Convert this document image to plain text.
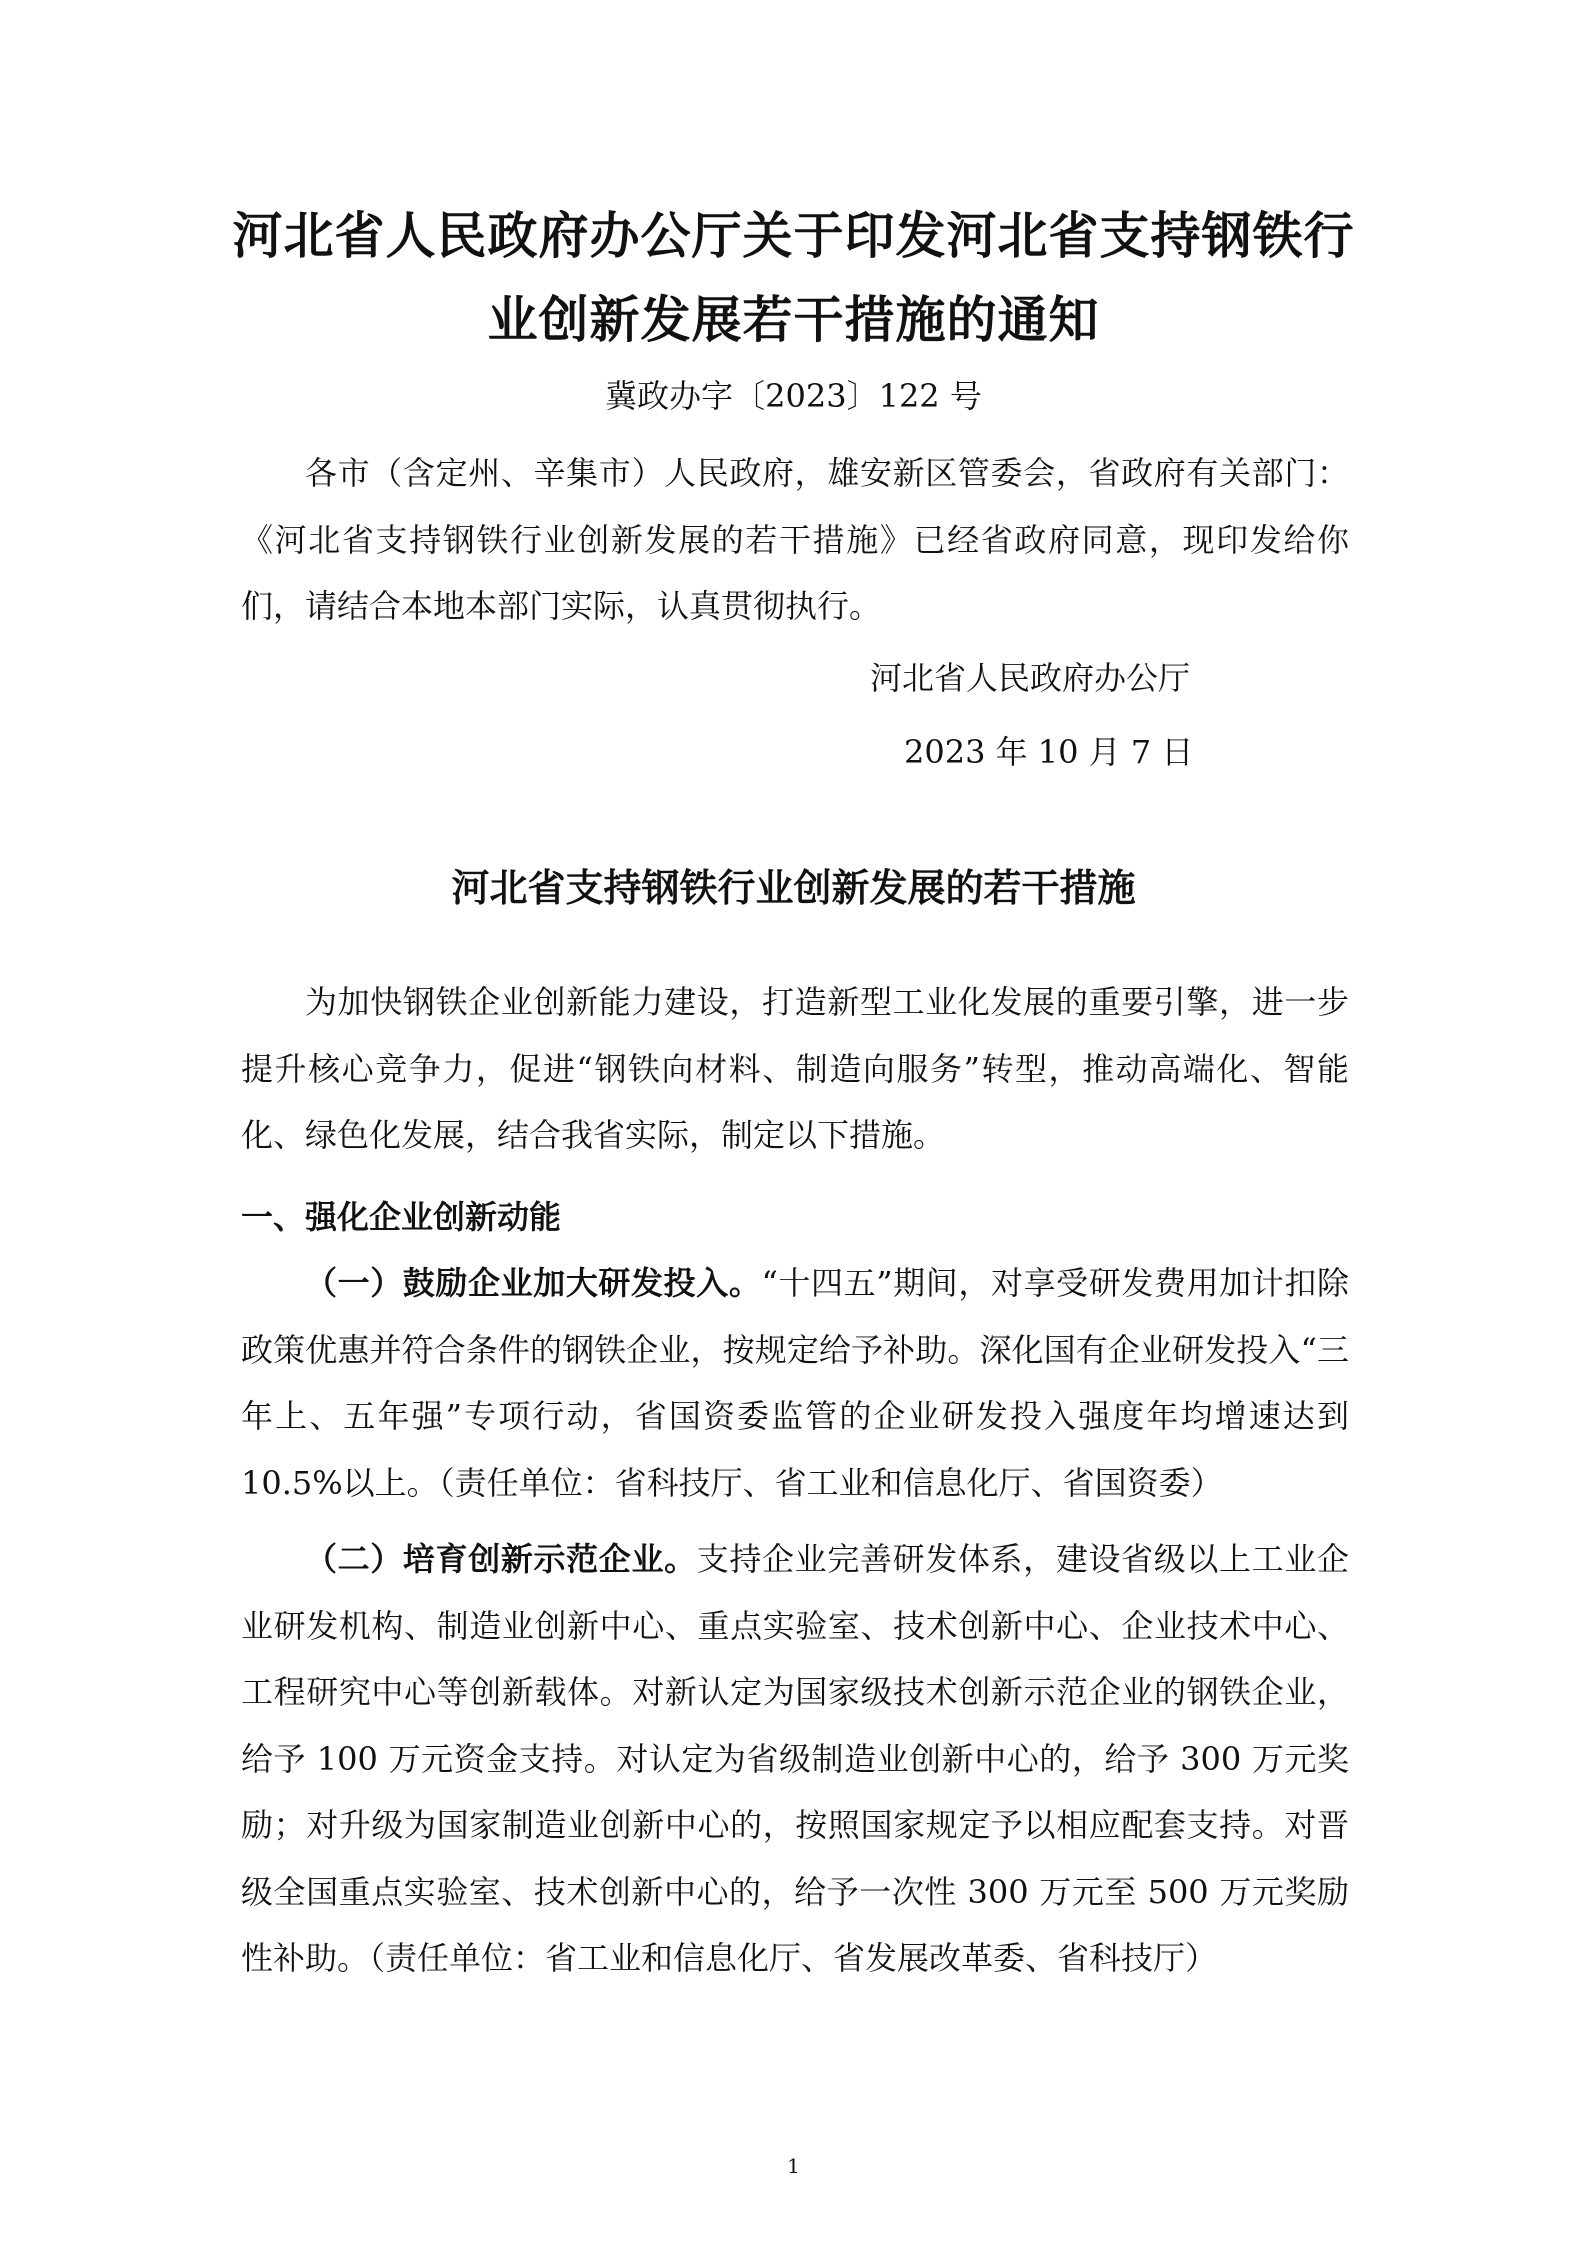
河北省人民政府办公厅关于印发河北省支持钢铁行
业创新发展若干措施的通知

冀政办字〔2023〕122 号

各市（含定州、辛集市）人民政府，雄安新区管委会，省政府有关部门：《河北省支持钢铁行业创新发展的若干措施》已经省政府同意，现印发给你们，请结合本地本部门实际，认真贯彻执行。

河北省人民政府办公厅

2023 年 10 月 7 日

河北省支持钢铁行业创新发展的若干措施

为加快钢铁企业创新能力建设，打造新型工业化发展的重要引擎，进一步提升核心竞争力，促进“钢铁向材料、制造向服务”转型，推动高端化、智能化、绿色化发展，结合我省实际，制定以下措施。

一、强化企业创新动能

（一）鼓励企业加大研发投入。“十四五”期间，对享受研发费用加计扣除政策优惠并符合条件的钢铁企业，按规定给予补助。深化国有企业研发投入“三年上、五年强”专项行动，省国资委监管的企业研发投入强度年均增速达到 10.5%以上。（责任单位：省科技厅、省工业和信息化厅、省国资委）

（二）培育创新示范企业。支持企业完善研发体系，建设省级以上工业企业研发机构、制造业创新中心、重点实验室、技术创新中心、企业技术中心、工程研究中心等创新载体。对新认定为国家级技术创新示范企业的钢铁企业，给予 100 万元资金支持。对认定为省级制造业创新中心的，给予 300 万元奖励；对升级为国家制造业创新中心的，按照国家规定予以相应配套支持。对晋级全国重点实验室、技术创新中心的，给予一次性 300 万元至 500 万元奖励性补助。（责任单位：省工业和信息化厅、省发展改革委、省科技厅）

1
